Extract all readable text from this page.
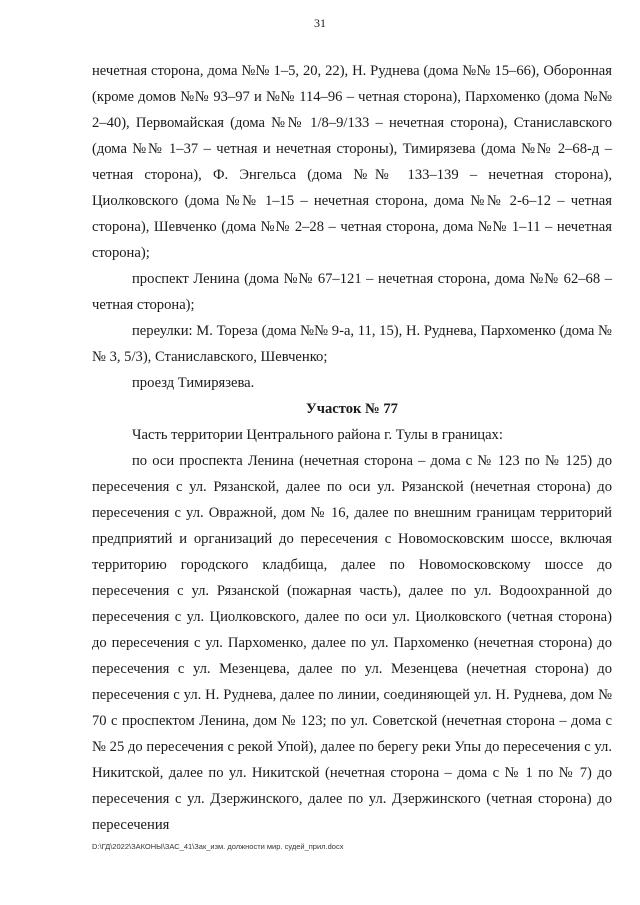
31

нечетная сторона, дома №№ 1–5, 20, 22), Н. Руднева (дома №№ 15–66), Оборонная (кроме домов №№ 93–97 и №№ 114–96 – четная сторона), Пархоменко (дома №№ 2–40), Первомайская (дома №№ 1/8–9/133 – нечетная сторона), Станиславского (дома №№ 1–37 – четная и нечетная стороны), Тимирязева (дома №№ 2–68-д – четная сторона), Ф. Энгельса (дома №№ 133–139 – нечетная сторона), Циолковского (дома №№ 1–15 – нечетная сторона, дома №№ 2-6–12 – четная сторона), Шевченко (дома №№ 2–28 – четная сторона, дома №№ 1–11 – нечетная сторона);

проспект Ленина (дома №№ 67–121 – нечетная сторона, дома №№ 62–68 – четная сторона);

переулки: М. Тореза (дома №№ 9-а, 11, 15), Н. Руднева, Пархоменко (дома №№ 3, 5/3), Станиславского, Шевченко;

проезд Тимирязева.

Участок № 77

Часть территории Центрального района г. Тулы в границах:

по оси проспекта Ленина (нечетная сторона – дома с № 123 по № 125) до пересечения с ул. Рязанской, далее по оси ул. Рязанской (нечетная сторона) до пересечения с ул. Овражной, дом № 16, далее по внешним границам территорий предприятий и организаций до пересечения с Новомосковским шоссе, включая территорию городского кладбища, далее по Новомосковскому шоссе до пересечения с ул. Рязанской (пожарная часть), далее по ул. Водоохранной до пересечения с ул. Циолковского, далее по оси ул. Циолковского (четная сторона) до пересечения с ул. Пархоменко, далее по ул. Пархоменко (нечетная сторона) до пересечения с ул. Мезенцева, далее по ул. Мезенцева (нечетная сторона) до пересечения с ул. Н. Руднева, далее по линии, соединяющей ул. Н. Руднева, дом № 70 с проспектом Ленина, дом № 123; по ул. Советской (нечетная сторона – дома с № 25 до пересечения с рекой Упой), далее по берегу реки Упы до пересечения с ул. Никитской, далее по ул. Никитской (нечетная сторона – дома с № 1 по № 7) до пересечения с ул. Дзержинского, далее по ул. Дзержинского (четная сторона) до пересечения

D:\ГД\2022\ЗАКОНЫ\ЗАС_41\Зак_изм. должности мир. судей_прил.docx
